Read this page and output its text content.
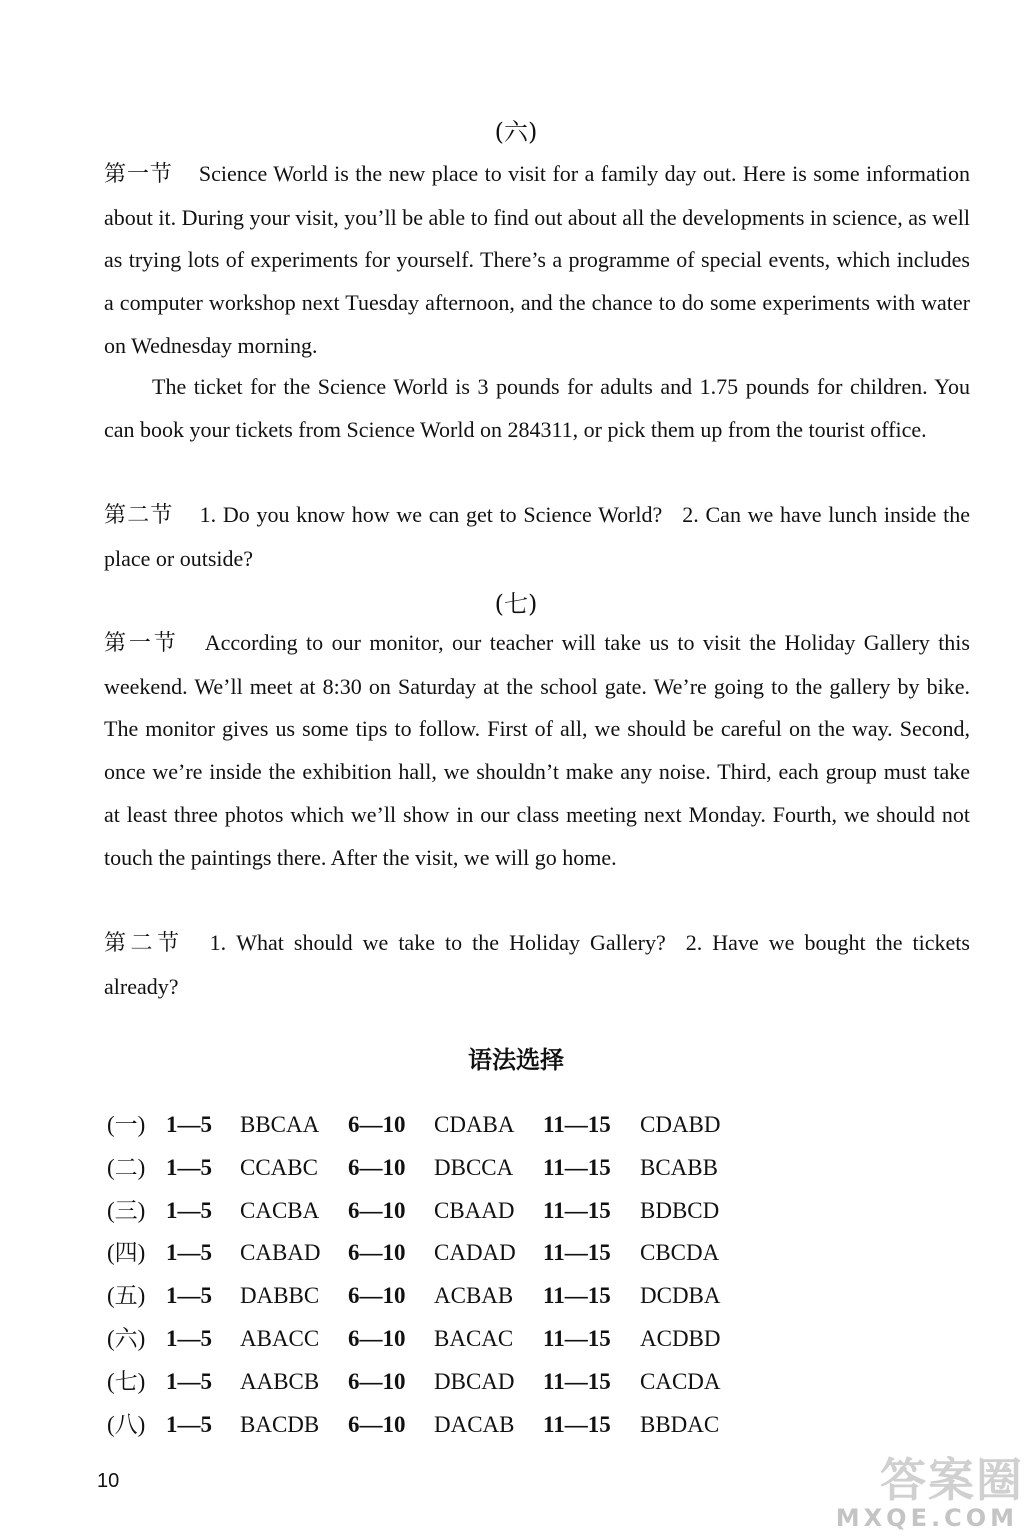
(六)

第一节 Science World is the new place to visit for a family day out. Here is some information about it. During your visit, you’ll be able to find out about all the developments in science, as well as trying lots of experiments for yourself. There’s a programme of special events, which includes a computer workshop next Tuesday afternoon, and the chance to do some experiments with water on Wednesday morning.

The ticket for the Science World is 3 pounds for adults and 1.75 pounds for children. You can book your tickets from Science World on 284311, or pick them up from the tourist office.

第二节 1. Do you know how we can get to Science World? 2. Can we have lunch inside the place or outside?

(七)

第一节 According to our monitor, our teacher will take us to visit the Holiday Gallery this weekend. We’ll meet at 8:30 on Saturday at the school gate. We’re going to the gallery by bike. The monitor gives us some tips to follow. First of all, we should be careful on the way. Second, once we’re inside the exhibition hall, we shouldn’t make any noise. Third, each group must take at least three photos which we’ll show in our class meeting next Monday. Fourth, we should not touch the paintings there. After the visit, we will go home.

第二节 1. What should we take to the Holiday Gallery? 2. Have we bought the tickets already?

语法选择
(一) 1—5 BBCAA 6—10 CDABA 11—15 CDABD
(二) 1—5 CCABC 6—10 DBCCA 11—15 BCABB
(三) 1—5 CACBA 6—10 CBAAD 11—15 BDBCD
(四) 1—5 CABAD 6—10 CADAD 11—15 CBCDA
(五) 1—5 DABBC 6—10 ACBAB 11—15 DCDBA
(六) 1—5 ABACC 6—10 BACAC 11—15 ACDBD
(七) 1—5 AABCB 6—10 DBCAD 11—15 CACDA
(八) 1—5 BACDB 6—10 DACAB 11—15 BBDAC
10	答案圈
MXQE.COM
